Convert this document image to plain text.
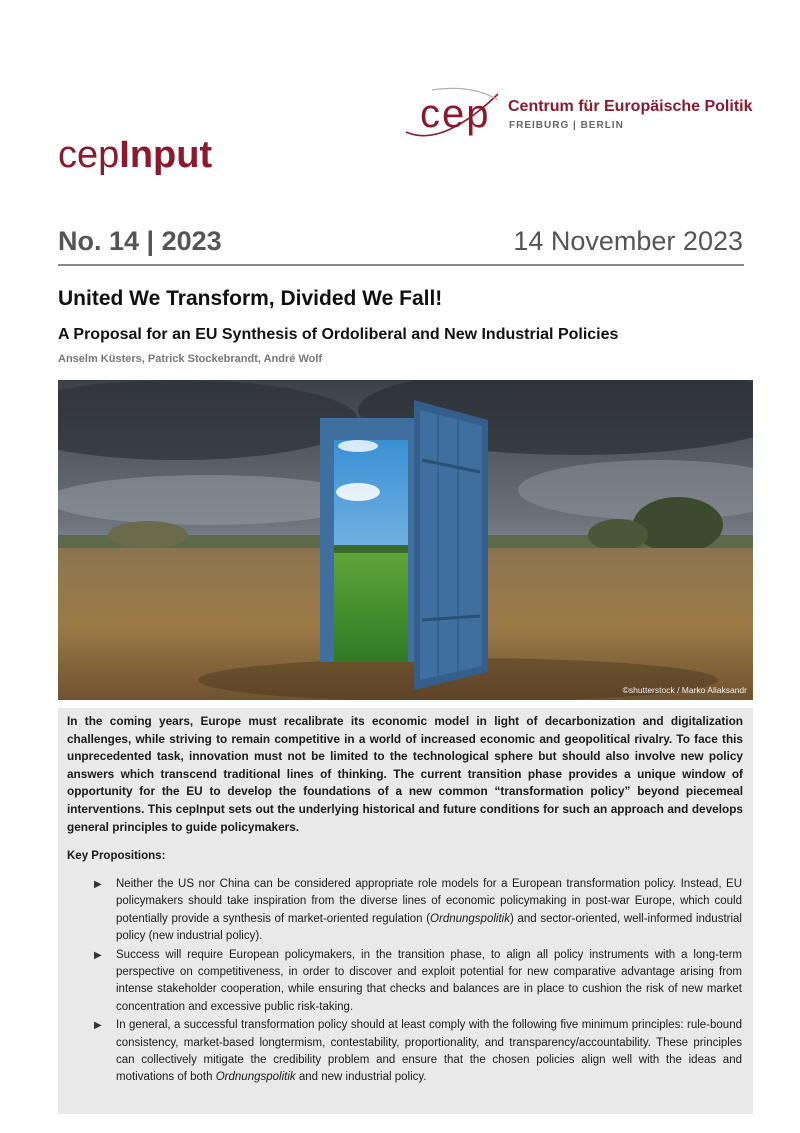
cep Centrum für Europäische Politik
FREIBURG | BERLIN
cepInput
No. 14 | 2023	14 November 2023
United We Transform, Divided We Fall!
A Proposal for an EU Synthesis of Ordoliberal and New Industrial Policies
Anselm Küsters, Patrick Stockebrandt, André Wolf
©shutterstock / Marko Aliaksandr

In the coming years, Europe must recalibrate its economic model in light of decarbonization and digitalization challenges, while striving to remain competitive in a world of increased economic and geopolitical rivalry. To face this unprecedented task, innovation must not be limited to the technological sphere but should also involve new policy answers which transcend traditional lines of thinking. The current transition phase provides a unique window of opportunity for the EU to develop the foundations of a new common “transformation policy” beyond piecemeal interventions. This cepInput sets out the underlying historical and future conditions for such an approach and develops general principles to guide policymakers.

Key Propositions:
▶ Neither the US nor China can be considered appropriate role models for a European transformation policy. Instead, EU policymakers should take inspiration from the diverse lines of economic policymaking in post-war Europe, which could potentially provide a synthesis of market-oriented regulation (Ordnungspolitik) and sector-oriented, well-informed industrial policy (new industrial policy).
▶ Success will require European policymakers, in the transition phase, to align all policy instruments with a long-term perspective on competitiveness, in order to discover and exploit potential for new comparative advantage arising from intense stakeholder cooperation, while ensuring that checks and balances are in place to cushion the risk of new market concentration and excessive public risk-taking.
▶ In general, a successful transformation policy should at least comply with the following five minimum principles: rule-bound consistency, market-based longtermism, contestability, proportionality, and transparency/accountability. These principles can collectively mitigate the credibility problem and ensure that the chosen policies align well with the ideas and motivations of both Ordnungspolitik and new industrial policy.
